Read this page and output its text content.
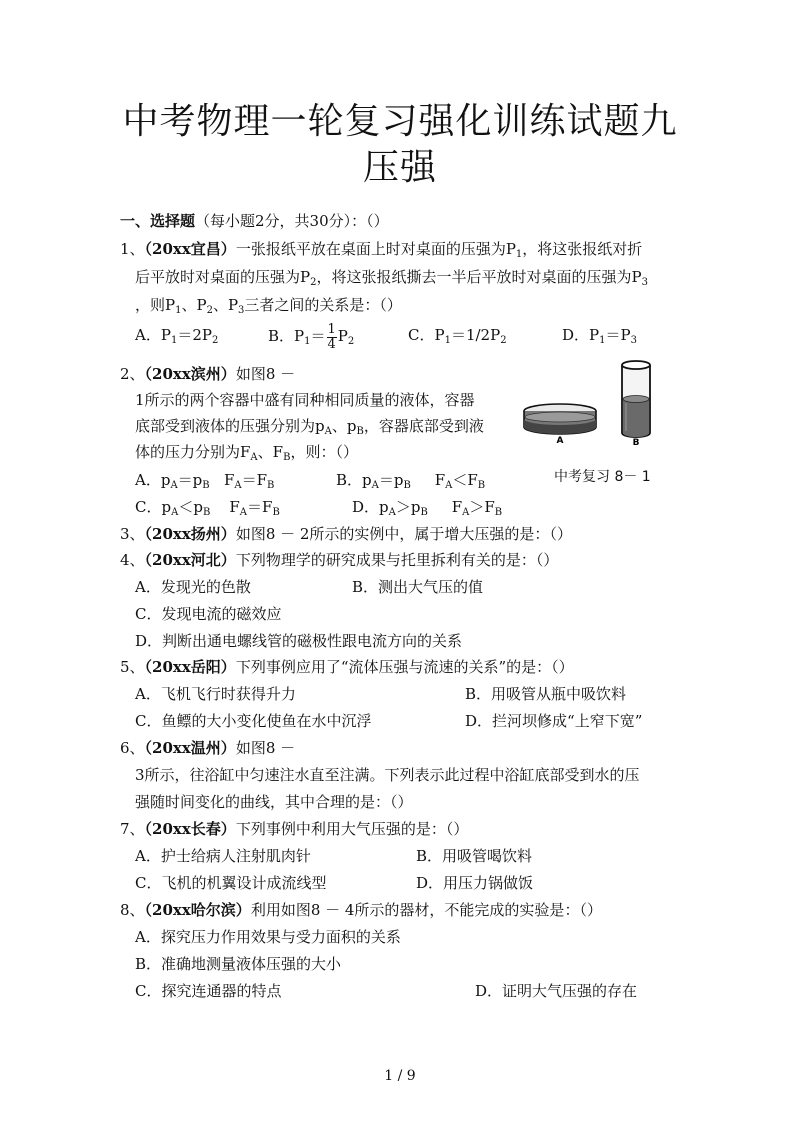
中考物理一轮复习强化训练试题九
压强
一、选择题（每小题2分，共30分）：（）
1、（20xx宜昌）一张报纸平放在桌面上时对桌面的压强为$P_1$，将这张报纸对折
后平放时对桌面的压强为$P_2$，将这张报纸撕去一半后平放时对桌面的压强为$P_3$
，则$P_1$、$P_2$、$P_3$三者之间的关系是：（）
A．$P_1=2P_2$	B．$P_1= \frac{1}{4} P_2$	C．$P_1=1/2P_2$	D．$P_1=P_3$
2、（20xx滨州）如图8 －
1所示的两个容器中盛有同种相同质量的液体，容器
底部受到液体的压强分别为$p_A$、$p_B$，容器底部受到液
体的压力分别为$F_A$、$F_B$，则：（）
A．$p_A=p_B$ $F_A=F_B$	B．$p_A=p_B$ $F_A<F_B$
C．$p_A<p_B$ $F_A=F_B$	D．$p_A>p_B$ $F_A>F_B$
A	B
中考复习 8－ 1
3、（20xx扬州）如图8 － 2所示的实例中，属于增大压强的是：（）
4、（20xx河北）下列物理学的研究成果与托里拆利有关的是：（）
A．发现光的色散	B．测出大气压的值
C．发现电流的磁效应
D．判断出通电螺线管的磁极性跟电流方向的关系
5、（20xx岳阳）下列事例应用了“流体压强与流速的关系”的是：（）
A．飞机飞行时获得升力	B．用吸管从瓶中吸饮料
C．鱼鳔的大小变化使鱼在水中沉浮	D．拦河坝修成“上窄下宽”
6、（20xx温州）如图8 －
3所示，往浴缸中匀速注水直至注满。下列表示此过程中浴缸底部受到水的压
强随时间变化的曲线，其中合理的是：（）
7、（20xx长春）下列事例中利用大气压强的是：（）
A．护士给病人注射肌肉针	B．用吸管喝饮料
C．飞机的机翼设计成流线型	D．用压力锅做饭
8、（20xx哈尔滨）利用如图8 － 4所示的器材，不能完成的实验是：（）
A．探究压力作用效果与受力面积的关系
B．准确地测量液体压强的大小
C．探究连通器的特点	D．证明大气压强的存在
1 / 9
